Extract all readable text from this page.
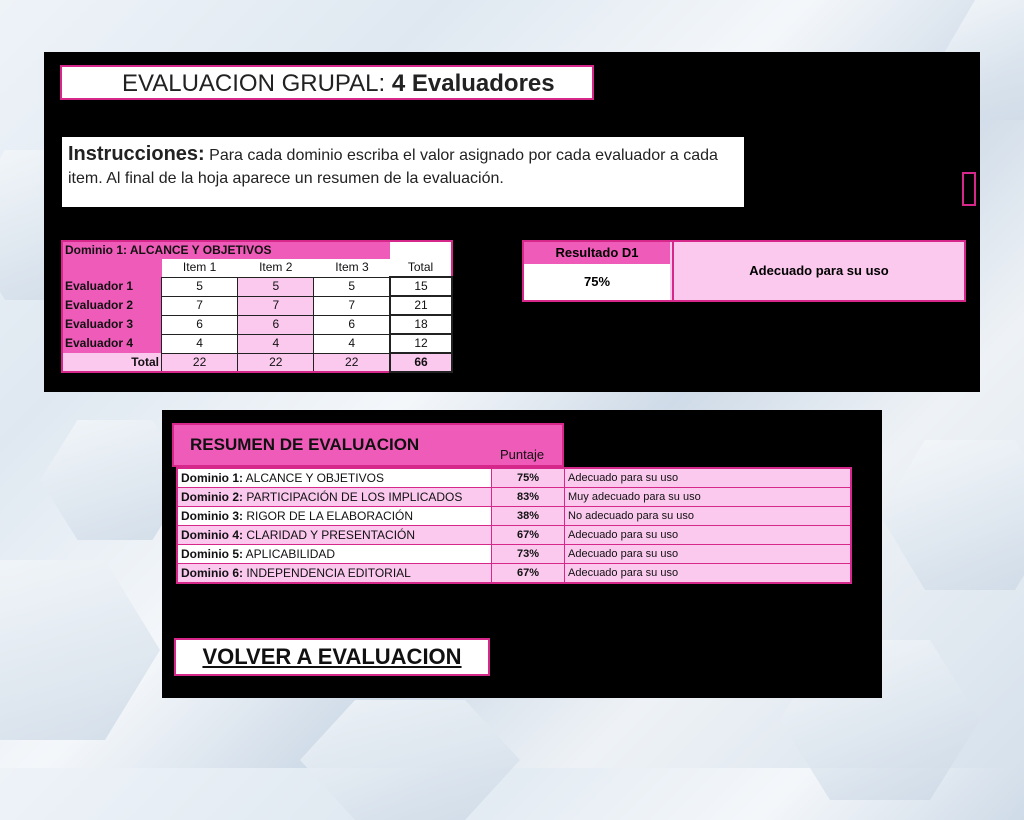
EVALUACION GRUPAL: 4 Evaluadores
Instrucciones: Para cada dominio escriba el valor asignado por cada evaluador a cada item. Al final de la hoja aparece un resumen de la evaluación.
Dominio 1: ALCANCE Y OBJETIVOS				
	Item 1	Item 2	Item 3	Total
Evaluador 1	5	5	5	15
Evaluador 2	7	7	7	21
Evaluador 3	6	6	6	18
Evaluador 4	4	4	4	12
Total	22	22	22	66
Resultado D1
75%
Adecuado para su uso
RESUMEN DE EVALUACION
Puntaje
Dominio 1: ALCANCE Y OBJETIVOS	75%	Adecuado para su uso
Dominio 2: PARTICIPACIÓN DE LOS IMPLICADOS	83%	Muy adecuado para su uso
Dominio 3: RIGOR DE LA ELABORACIÓN	38%	No adecuado para su uso
Dominio 4: CLARIDAD Y PRESENTACIÓN	67%	Adecuado para su uso
Dominio 5: APLICABILIDAD	73%	Adecuado para su uso
Dominio 6: INDEPENDENCIA EDITORIAL	67%	Adecuado para su uso
VOLVER A EVALUACION
